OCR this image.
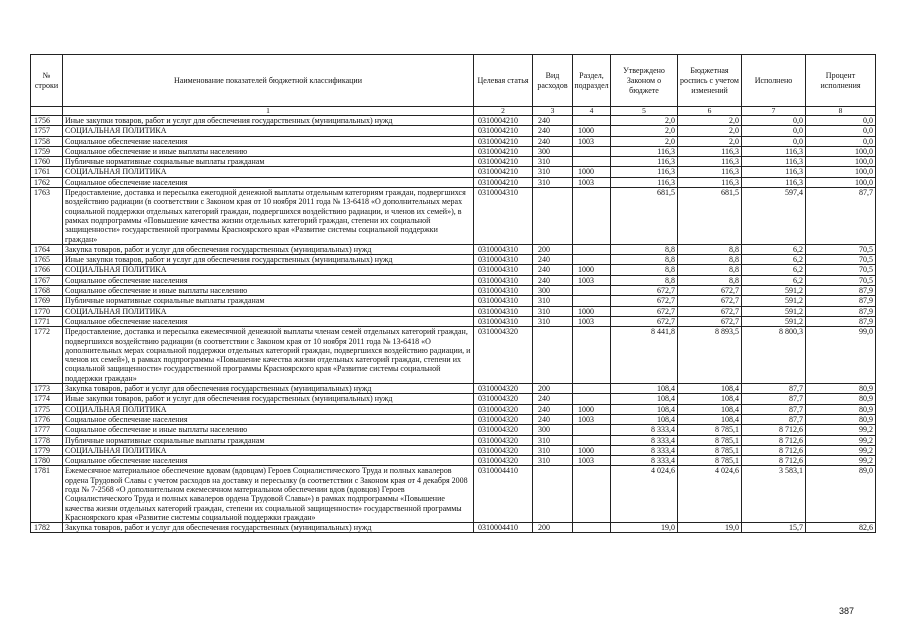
№ строки	Наименование показателей бюджетной классификации	Целевая статья	Вид расходов	Раздел, подраздел	Утверждено Законом о бюджете	Бюджетная роспись с учетом изменений	Исполнено	Процент исполнения
	1	2	3	4	5	6	7	8
1756	Иные закупки товаров, работ и услуг для обеспечения государственных (муниципальных) нужд	0310004210	240		2,0	2,0	0,0	0,0
1757	СОЦИАЛЬНАЯ ПОЛИТИКА	0310004210	240	1000	2,0	2,0	0,0	0,0
1758	Социальное обеспечение населения	0310004210	240	1003	2,0	2,0	0,0	0,0
1759	Социальное обеспечение и иные выплаты населению	0310004210	300		116,3	116,3	116,3	100,0
1760	Публичные нормативные социальные выплаты гражданам	0310004210	310		116,3	116,3	116,3	100,0
1761	СОЦИАЛЬНАЯ ПОЛИТИКА	0310004210	310	1000	116,3	116,3	116,3	100,0
1762	Социальное обеспечение населения	0310004210	310	1003	116,3	116,3	116,3	100,0
1763	Предоставление, доставка и пересылка ежегодной денежной выплаты отдельным категориям граждан, подвергшихся воздействию радиации (в соответствии с Законом края от 10 ноября 2011 года № 13-6418 «О дополнительных мерах социальной поддержки отдельных категорий граждан, подвергшихся воздействию радиации, и членов их семей»), в рамках подпрограммы «Повышение качества жизни отдельных категорий граждан, степени их социальной защищенности» государственной программы Красноярского края «Развитие системы социальной поддержки граждан»	0310004310			681,5	681,5	597,4	87,7
1764	Закупка товаров, работ и услуг для обеспечения государственных (муниципальных) нужд	0310004310	200		8,8	8,8	6,2	70,5
1765	Иные закупки товаров, работ и услуг для обеспечения государственных (муниципальных) нужд	0310004310	240		8,8	8,8	6,2	70,5
1766	СОЦИАЛЬНАЯ ПОЛИТИКА	0310004310	240	1000	8,8	8,8	6,2	70,5
1767	Социальное обеспечение населения	0310004310	240	1003	8,8	8,8	6,2	70,5
1768	Социальное обеспечение и иные выплаты населению	0310004310	300		672,7	672,7	591,2	87,9
1769	Публичные нормативные социальные выплаты гражданам	0310004310	310		672,7	672,7	591,2	87,9
1770	СОЦИАЛЬНАЯ ПОЛИТИКА	0310004310	310	1000	672,7	672,7	591,2	87,9
1771	Социальное обеспечение населения	0310004310	310	1003	672,7	672,7	591,2	87,9
1772	Предоставление, доставка и пересылка ежемесячной денежной выплаты членам семей отдельных категорий граждан, подвергшихся воздействию радиации (в соответствии с Законом края от 10 ноября 2011 года № 13-6418 «О дополнительных мерах социальной поддержки отдельных категорий граждан, подвергшихся воздействию радиации, и членов их семей»), в рамках подпрограммы «Повышение качества жизни отдельных категорий граждан, степени их социальной защищенности» государственной программы Красноярского края «Развитие системы социальной поддержки граждан»	0310004320			8 441,8	8 893,5	8 800,3	99,0
1773	Закупка товаров, работ и услуг для обеспечения государственных (муниципальных) нужд	0310004320	200		108,4	108,4	87,7	80,9
1774	Иные закупки товаров, работ и услуг для обеспечения государственных (муниципальных) нужд	0310004320	240		108,4	108,4	87,7	80,9
1775	СОЦИАЛЬНАЯ ПОЛИТИКА	0310004320	240	1000	108,4	108,4	87,7	80,9
1776	Социальное обеспечение населения	0310004320	240	1003	108,4	108,4	87,7	80,9
1777	Социальное обеспечение и иные выплаты населению	0310004320	300		8 333,4	8 785,1	8 712,6	99,2
1778	Публичные нормативные социальные выплаты гражданам	0310004320	310		8 333,4	8 785,1	8 712,6	99,2
1779	СОЦИАЛЬНАЯ ПОЛИТИКА	0310004320	310	1000	8 333,4	8 785,1	8 712,6	99,2
1780	Социальное обеспечение населения	0310004320	310	1003	8 333,4	8 785,1	8 712,6	99,2
1781	Ежемесячное материальное обеспечение вдовам (вдовцам) Героев Социалистического Труда и полных кавалеров ордена Трудовой Славы с учетом расходов на доставку и пересылку (в соответствии с Законом края от 4 декабря 2008 года № 7-2568 «О дополнительном ежемесячном материальном обеспечении вдов (вдовцов) Героев Социалистического Труда и полных кавалеров ордена Трудовой Славы») в рамках подпрограммы «Повышение качества жизни отдельных категорий граждан, степени их социальной защищенности» государственной программы Красноярского края «Развитие системы социальной поддержки граждан»	0310004410			4 024,6	4 024,6	3 583,1	89,0
1782	Закупка товаров, работ и услуг для обеспечения государственных (муниципальных) нужд	0310004410	200		19,0	19,0	15,7	82,6
387
